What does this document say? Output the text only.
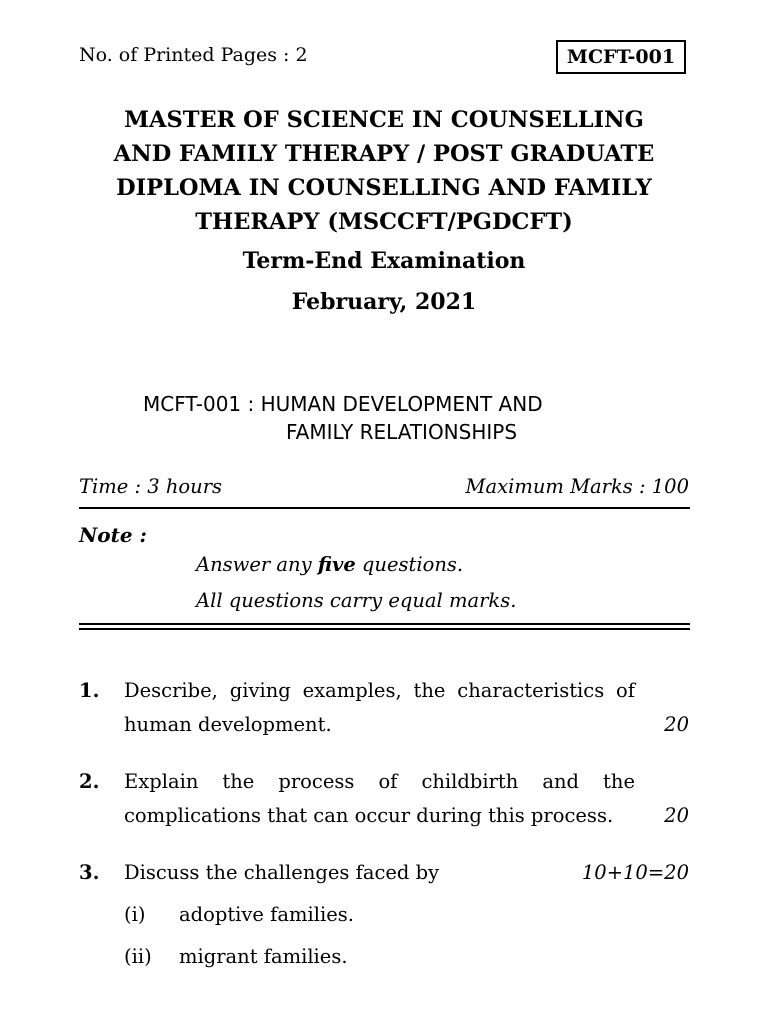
No. of Printed Pages : 2	MCFT-001
MASTER OF SCIENCE IN COUNSELLING
AND FAMILY THERAPY / POST GRADUATE
DIPLOMA IN COUNSELLING AND FAMILY
THERAPY (MSCCFT/PGDCFT)
Term-End Examination
February, 2021
MCFT-001 : HUMAN DEVELOPMENT AND
FAMILY RELATIONSHIPS
Time : 3 hours	Maximum Marks : 100
Note :
Answer any five questions.
All questions carry equal marks.
1. Describe, giving examples, the characteristics of
human development.	20
2. Explain the process of childbirth and the
complications that can occur during this process.	20
3. Discuss the challenges faced by	10+10=20
(i) adoptive families.
(ii) migrant families.
